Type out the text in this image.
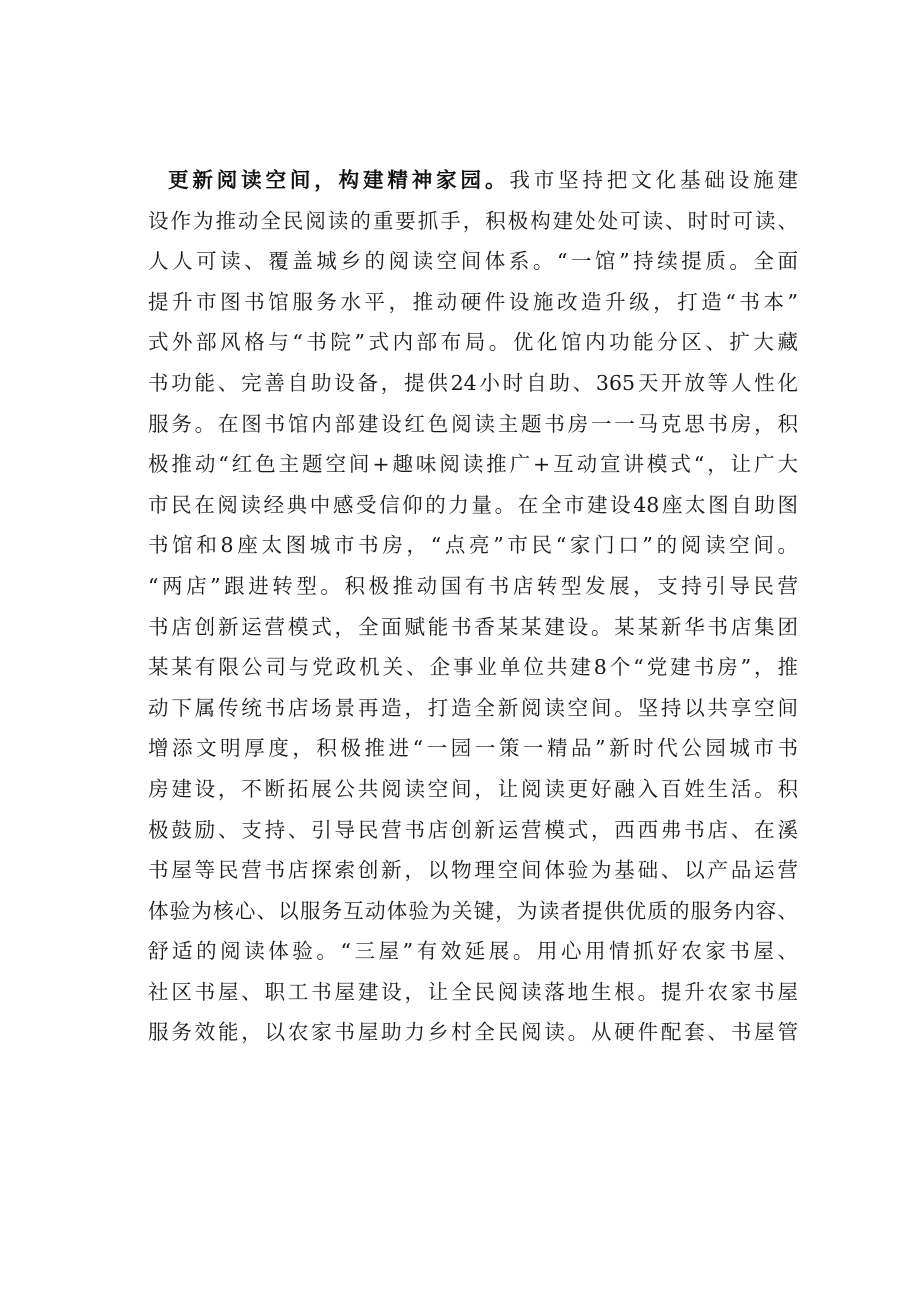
更新阅读空间，构建精神家园。我市坚持把文化基础设施建
设作为推动全民阅读的重要抓手，积极构建处处可读、时时可读、
人人可读、覆盖城乡的阅读空间体系。“一馆”持续提质。全面
提升市图书馆服务水平，推动硬件设施改造升级，打造“书本”
式外部风格与“书院”式内部布局。优化馆内功能分区、扩大藏
书功能、完善自助设备，提供24小时自助、365天开放等人性化
服务。在图书馆内部建设红色阅读主题书房一一马克思书房，积
极推动“红色主题空间+趣味阅读推广+互动宣讲模式“，让广大
市民在阅读经典中感受信仰的力量。在全市建设48座太图自助图
书馆和8座太图城市书房，“点亮”市民“家门口”的阅读空间。
“两店”跟进转型。积极推动国有书店转型发展，支持引导民营
书店创新运营模式，全面赋能书香某某建设。某某新华书店集团
某某有限公司与党政机关、企事业单位共建8个“党建书房”，推
动下属传统书店场景再造，打造全新阅读空间。坚持以共享空间
增添文明厚度，积极推进“一园一策一精品”新时代公园城市书
房建设，不断拓展公共阅读空间，让阅读更好融入百姓生活。积
极鼓励、支持、引导民营书店创新运营模式，西西弗书店、在溪
书屋等民营书店探索创新，以物理空间体验为基础、以产品运营
体验为核心、以服务互动体验为关键，为读者提供优质的服务内容、
舒适的阅读体验。“三屋”有效延展。用心用情抓好农家书屋、
社区书屋、职工书屋建设，让全民阅读落地生根。提升农家书屋
服务效能，以农家书屋助力乡村全民阅读。从硬件配套、书屋管
